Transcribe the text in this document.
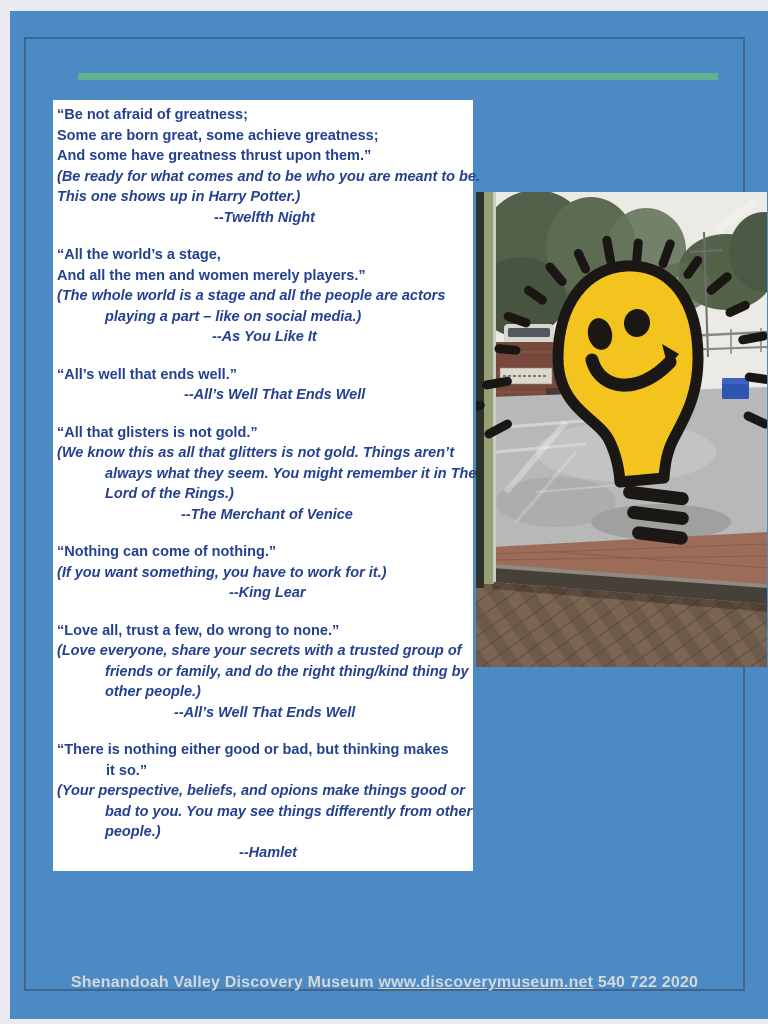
“Be not afraid of greatness;
Some are born great, some achieve greatness;
And some have greatness thrust upon them.”
(Be ready for what comes and to be who you are meant to be.
This one shows up in Harry Potter.)
--Twelfth Night
“All the world’s a stage,
And all the men and women merely players.”
(The whole world is a stage and all the people are actors
playing a part – like on social media.)
--As You Like It
“All’s well that ends well.”
--All’s Well That Ends Well
“All that glisters is not gold.”
(We know this as all that glitters is not gold. Things aren’t
always what they seem. You might remember it in The
Lord of the Rings.)
--The Merchant of Venice
“Nothing can come of nothing.”
(If you want something, you have to work for it.)
--King Lear
“Love all, trust a few, do wrong to none.”
(Love everyone, share your secrets with a trusted group of
friends or family, and do the right thing/kind thing by
other people.)
--All’s Well That Ends Well
“There is nothing either good or bad, but thinking makes
it so.”
(Your perspective, beliefs, and opions make things good or
bad to you. You may see things differently from other
people.)
--Hamlet
Shenandoah Valley Discovery Museum www.discoverymuseum.net 540 722 2020
